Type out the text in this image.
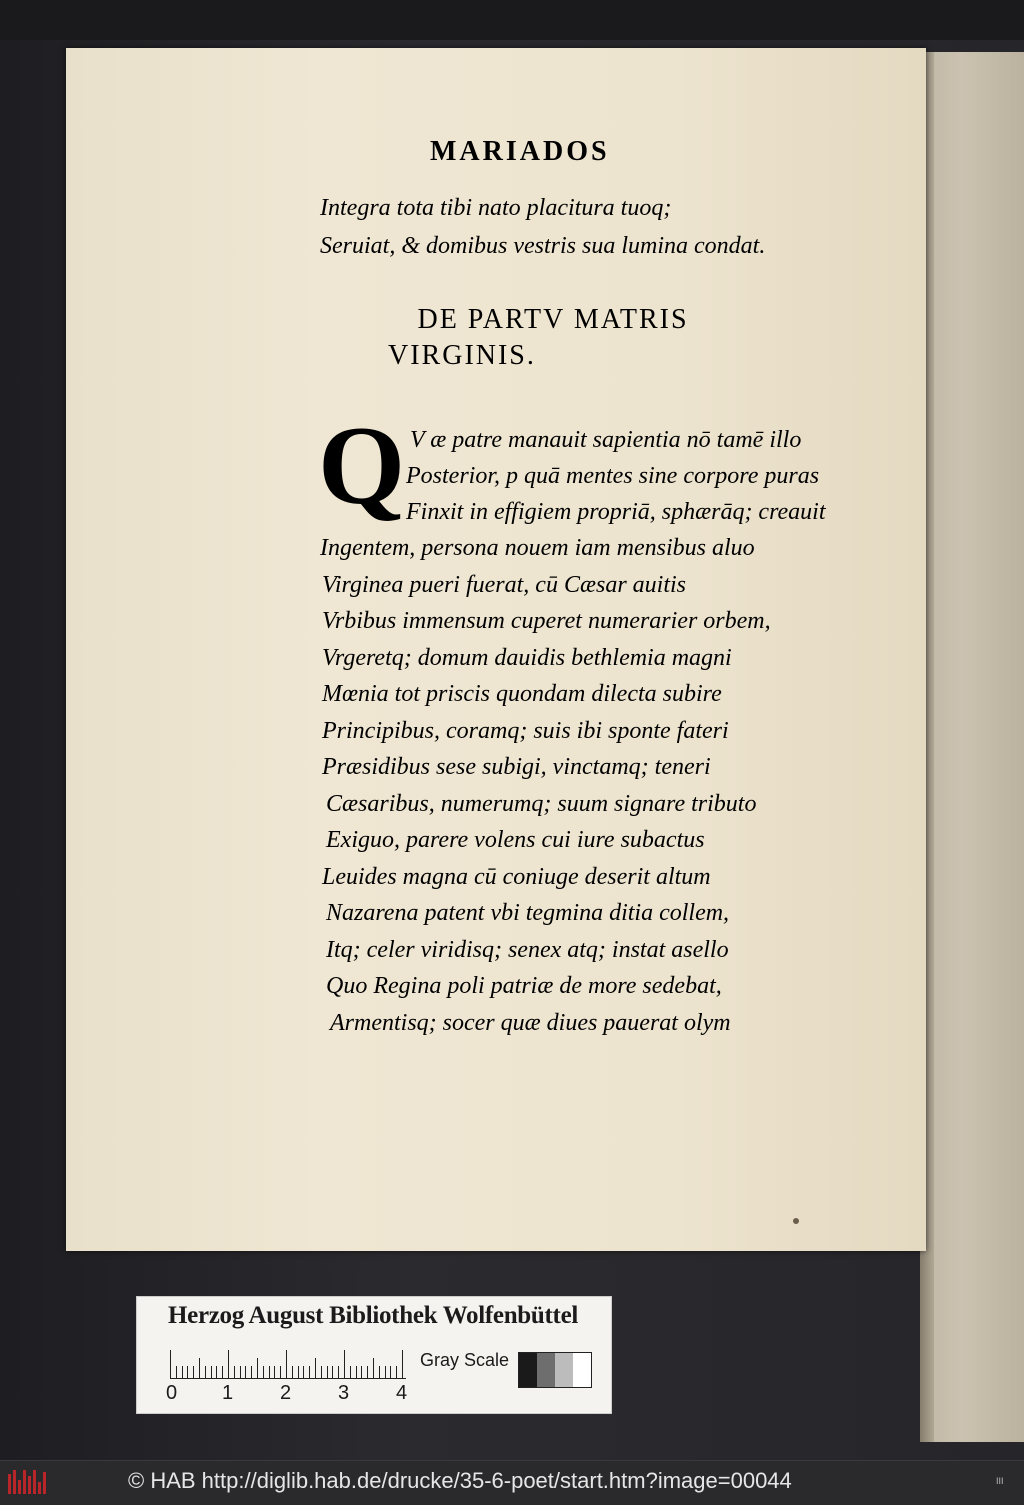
MARIADOS
Integra tota tibi nato placitura tuoq;
Seruiat, & domibus vestris sua lumina condat.
DE PARTV MATRIS
VIRGINIS.
Q V æ patre manauit sapientia nō tamē illo
Posterior, p quā mentes sine corpore puras
Finxit in effigiem propriā, sphærāq; creauit
Ingentem, persona nouem iam mensibus aluo
Virginea pueri fuerat, cū Cæsar auitis
Vrbibus immensum cuperet numerarier orbem,
Vrgeretq; domum dauidis bethlemia magni
Mœnia tot priscis quondam dilecta subire
Principibus, coramq; suis ibi sponte fateri
Præsidibus sese subigi, vinctamq; teneri
Cæsaribus, numerumq; suum signare tributo
Exiguo, parere volens cui iure subactus
Leuides magna cū coniuge deserit altum
Nazarena patent vbi tegmina ditia collem,
Itq; celer viridisq; senex atq; instat asello
Quo Regina poli patriæ de more sedebat,
Armentisq; socer quæ diues pauerat olym
Herzog August Bibliothek Wolfenbüttel
0 1 2 3 4
Gray Scale
© HAB http://diglib.hab.de/drucke/35-6-poet/start.htm?image=00044	III
